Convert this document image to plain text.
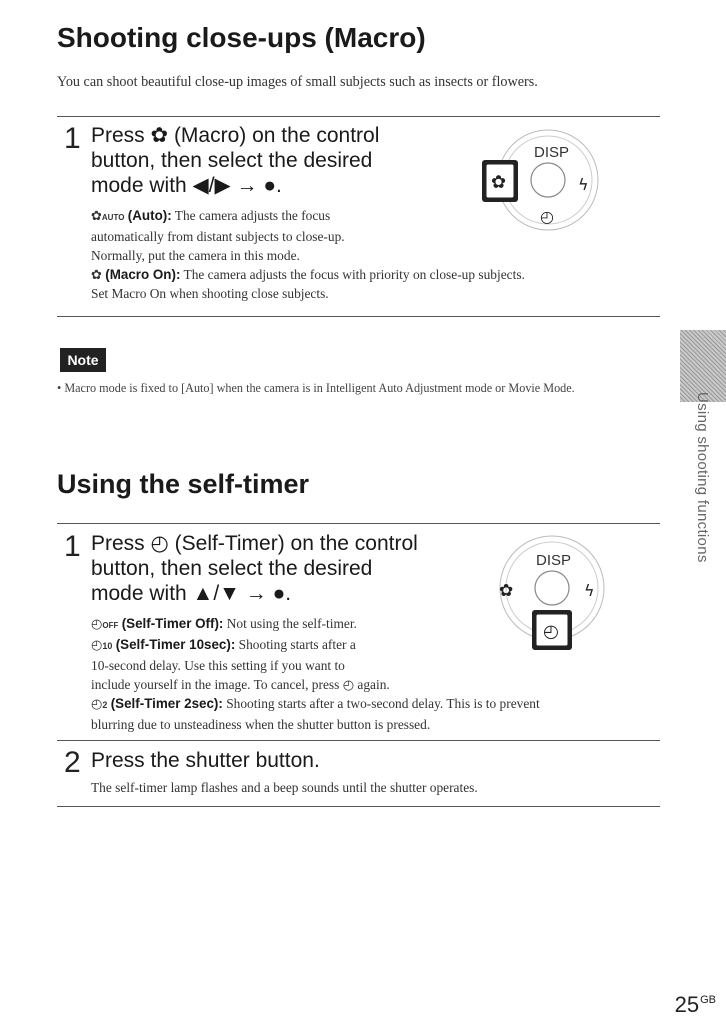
Shooting close-ups (Macro)
You can shoot beautiful close-up images of small subjects such as insects or flowers.
1 Press ✿ (Macro) on the control
button, then select the desired
mode with ◀/▶ → ●.
DISP
✿	ϟ
◴
✿AUTO (Auto): The camera adjusts the focus
automatically from distant subjects to close-up.
Normally, put the camera in this mode.
✿ (Macro On): The camera adjusts the focus with priority on close-up subjects.
Set Macro On when shooting close subjects.
Note
• Macro mode is fixed to [Auto] when the camera is in Intelligent Auto Adjustment mode or Movie Mode.
Using the self-timer
1 Press ◴ (Self-Timer) on the control
button, then select the desired
mode with ▲/▼ → ●.
DISP
✿	ϟ
◴
◴OFF (Self-Timer Off): Not using the self-timer.
◴10 (Self-Timer 10sec): Shooting starts after a
10-second delay. Use this setting if you want to
include yourself in the image. To cancel, press ◴ again.
◴2 (Self-Timer 2sec): Shooting starts after a two-second delay. This is to prevent
blurring due to unsteadiness when the shutter button is pressed.
2 Press the shutter button.
The self-timer lamp flashes and a beep sounds until the shutter operates.
Using shooting functions
$25^{GB}$
